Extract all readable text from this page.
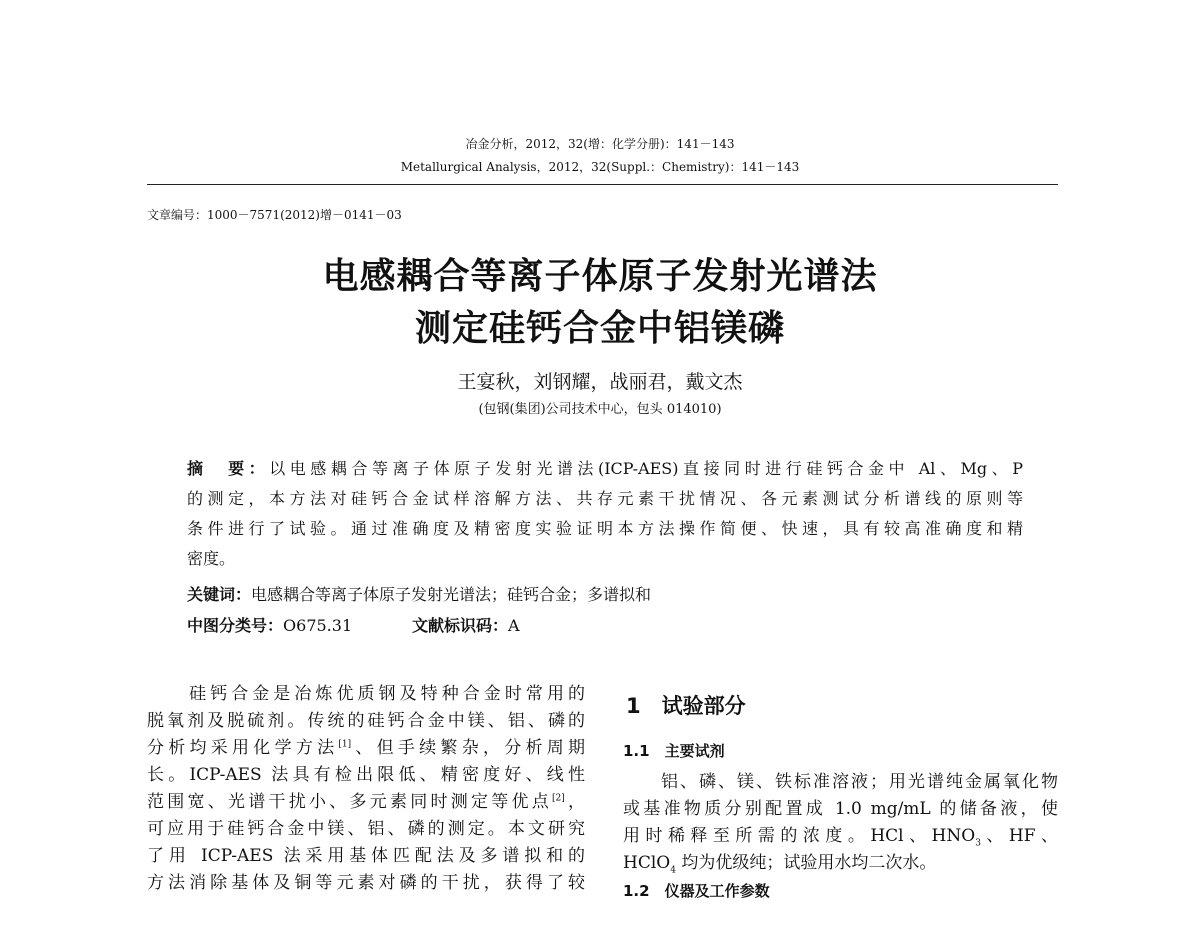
冶金分析，2012，32(增：化学分册)：141－143
Metallurgical Analysis，2012，32(Suppl.：Chemistry)：141－143
文章编号：1000－7571(2012)增－0141－03
电感耦合等离子体原子发射光谱法
测定硅钙合金中铝镁磷
王宴秋，刘钢耀，战丽君，戴文杰
(包钢(集团)公司技术中心，包头 014010)
摘　要：以电感耦合等离子体原子发射光谱法(ICP-AES)直接同时进行硅钙合金中 Al、Mg、P
的测定，本方法对硅钙合金试样溶解方法、共存元素干扰情况、各元素测试分析谱线的原则等
条件进行了试验。通过准确度及精密度实验证明本方法操作简便、快速，具有较高准确度和精
密度。
关键词：电感耦合等离子体原子发射光谱法；硅钙合金；多谱拟和
中图分类号：O675.31	文献标识码：A
　　硅钙合金是冶炼优质钢及特种合金时常用的
脱氧剂及脱硫剂。传统的硅钙合金中镁、铝、磷的
分析均采用化学方法[1]、但手续繁杂，分析周期
长。ICP-AES 法具有检出限低、精密度好、线性
范围宽、光谱干扰小、多元素同时测定等优点[2]，
可应用于硅钙合金中镁、铝、磷的测定。本文研究
了用 ICP-AES 法采用基体匹配法及多谱拟和的
方法消除基体及铜等元素对磷的干扰，获得了较
1　试验部分
1.1　主要试剂
　　铝、磷、镁、铁标准溶液；用光谱纯金属氧化物
或基准物质分别配置成 1.0 mg/mL 的储备液，使
用时稀释至所需的浓度。HCl、$HNO_3$、HF、
HClO$_4$ 均为优级纯；试验用水均二次水。
1.2　仪器及工作参数
